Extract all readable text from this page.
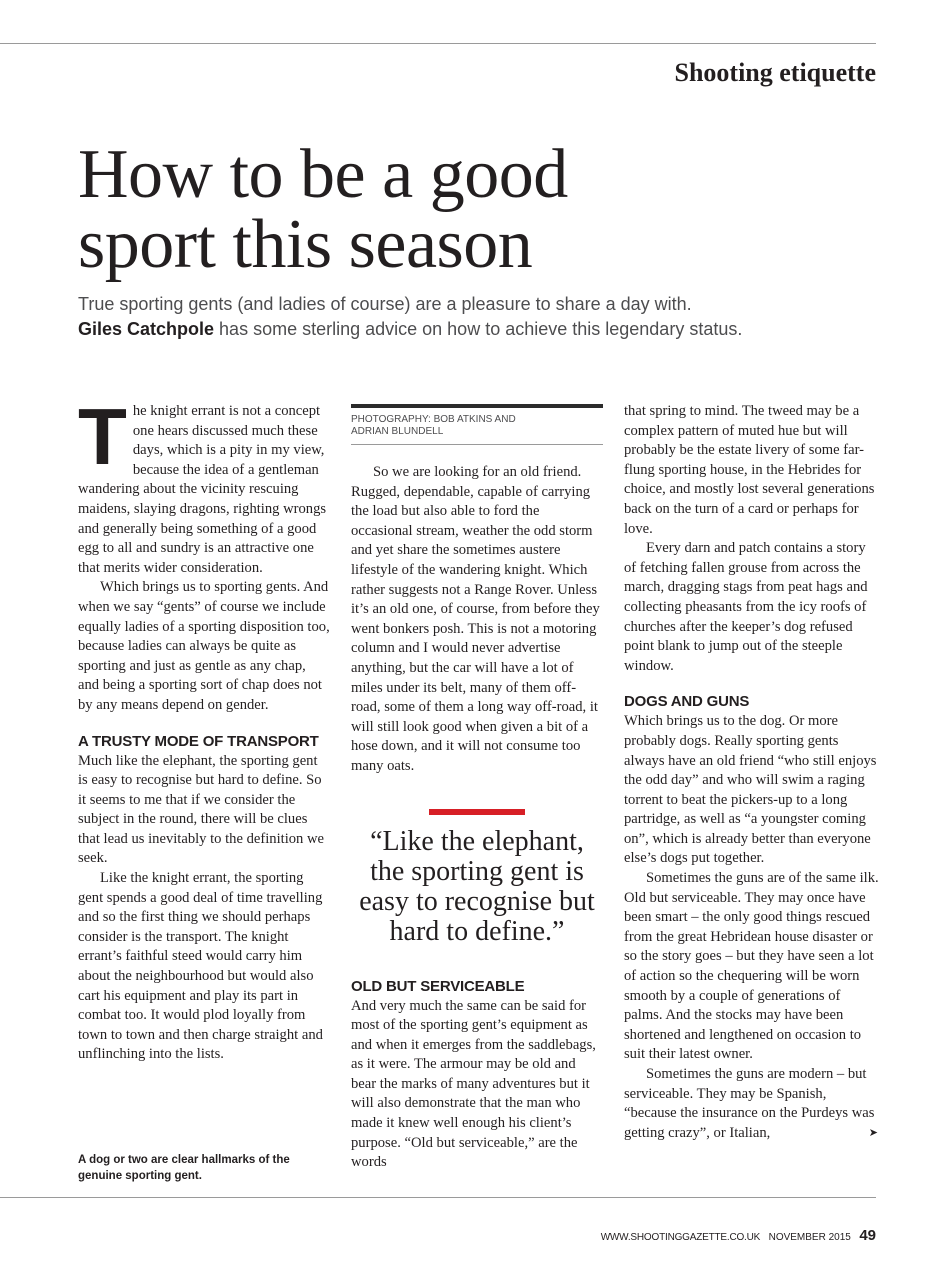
Shooting etiquette
How to be a good
sport this season
True sporting gents (and ladies of course) are a pleasure to share a day with.
Giles Catchpole has some sterling advice on how to achieve this legendary status.

The knight errant is not a concept one hears discussed much these days, which is a pity in my view, because the idea of a gentleman wandering about the vicinity rescuing maidens, slaying dragons, righting wrongs and generally being something of a good egg to all and sundry is an attractive one that merits wider consideration.

Which brings us to sporting gents. And when we say “gents” of course we include equally ladies of a sporting disposition too, because ladies can always be quite as sporting and just as gentle as any chap, and being a sporting sort of chap does not by any means depend on gender.

A TRUSTY MODE OF TRANSPORT

Much like the elephant, the sporting gent is easy to recognise but hard to define. So it seems to me that if we consider the subject in the round, there will be clues that lead us inevitably to the definition we seek.

Like the knight errant, the sporting gent spends a good deal of time travelling and so the first thing we should perhaps consider is the transport. The knight errant’s faithful steed would carry him about the neighbourhood but would also cart his equipment and play its part in combat too. It would plod loyally from town to town and then charge straight and unflinching into the lists.

A dog or two are clear hallmarks of the genuine sporting gent.
PHOTOGRAPHY: BOB ATKINS AND
ADRIAN BLUNDELL

So we are looking for an old friend. Rugged, dependable, capable of carrying the load but also able to ford the occasional stream, weather the odd storm and yet share the sometimes austere lifestyle of the wandering knight. Which rather suggests not a Range Rover. Unless it’s an old one, of course, from before they went bonkers posh. This is not a motoring column and I would never advertise anything, but the car will have a lot of miles under its belt, many of them off-road, some of them a long way off-road, it will still look good when given a bit of a hose down, and it will not consume too many oats.

“Like the elephant, the sporting gent is easy to recognise but hard to define.”
OLD BUT SERVICEABLE

And very much the same can be said for most of the sporting gent’s equipment as and when it emerges from the saddlebags, as it were. The armour may be old and bear the marks of many adventures but it will also demonstrate that the man who made it knew well enough his client’s purpose. “Old but serviceable,” are the words

that spring to mind. The tweed may be a complex pattern of muted hue but will probably be the estate livery of some far-flung sporting house, in the Hebrides for choice, and mostly lost several generations back on the turn of a card or perhaps for love.

Every darn and patch contains a story of fetching fallen grouse from across the march, dragging stags from peat hags and collecting pheasants from the icy roofs of churches after the keeper’s dog refused point blank to jump out of the steeple window.

DOGS AND GUNS

Which brings us to the dog. Or more probably dogs. Really sporting gents always have an old friend “who still enjoys the odd day” and who will swim a raging torrent to beat the pickers-up to a long partridge, as well as “a youngster coming on”, which is already better than everyone else’s dogs put together.

Sometimes the guns are of the same ilk. Old but serviceable. They may once have been smart – the only good things rescued from the great Hebridean house disaster or so the story goes – but they have seen a lot of action so the chequering will be worn smooth by a couple of generations of palms. And the stocks may have been shortened and lengthened on occasion to suit their latest owner.

Sometimes the guns are modern – but serviceable. They may be Spanish, “because the insurance on the Purdeys was getting crazy”, or Italian,	➤

WWW.SHOOTINGGAZETTE.CO.UK NOVEMBER 2015 49
